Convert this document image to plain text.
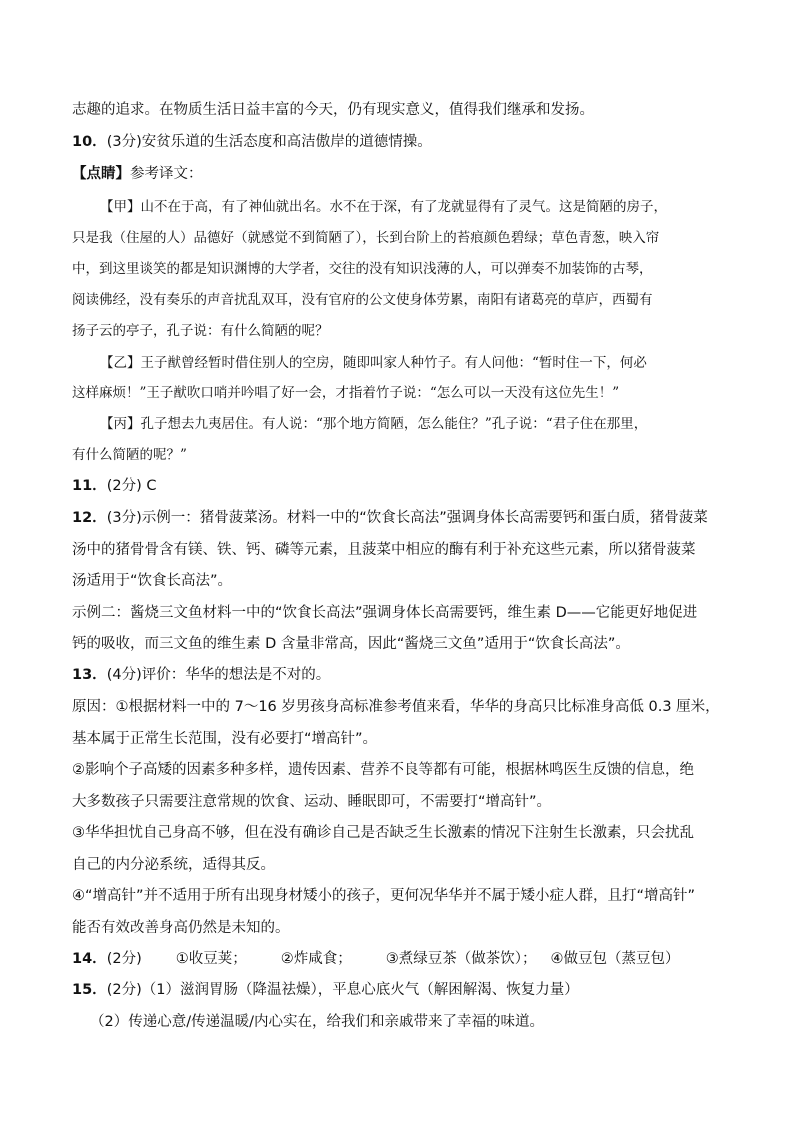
志趣的追求。在物质生活日益丰富的今天，仍有现实意义，值得我们继承和发扬。
10．(3分)安贫乐道的生活态度和高洁傲岸的道德情操。
【点睛】参考译文：
【甲】山不在于高，有了神仙就出名。水不在于深，有了龙就显得有了灵气。这是简陋的房子，
只是我（住屋的人）品德好（就感觉不到简陋了），长到台阶上的苔痕颜色碧绿；草色青葱，映入帘
中，到这里谈笑的都是知识渊博的大学者，交往的没有知识浅薄的人，可以弹奏不加装饰的古琴，
阅读佛经，没有奏乐的声音扰乱双耳，没有官府的公文使身体劳累，南阳有诸葛亮的草庐，西蜀有
扬子云的亭子，孔子说：有什么简陋的呢？
【乙】王子猷曾经暂时借住别人的空房，随即叫家人种竹子。有人问他：“暂时住一下，何必
这样麻烦！”王子猷吹口哨并吟唱了好一会，才指着竹子说：“怎么可以一天没有这位先生！”
【丙】孔子想去九夷居住。有人说：“那个地方简陋，怎么能住？”孔子说：“君子住在那里，
有什么简陋的呢？”
11．(2分) C
12．(3分)示例一：猪骨菠菜汤。材料一中的“饮食长高法”强调身体长高需要钙和蛋白质，猪骨菠菜
汤中的猪骨骨含有镁、铁、钙、磷等元素，且菠菜中相应的酶有利于补充这些元素，所以猪骨菠菜
汤适用于“饮食长高法”。
示例二：酱烧三文鱼材料一中的“饮食长高法”强调身体长高需要钙，维生素 D——它能更好地促进
钙的吸收，而三文鱼的维生素 D 含量非常高，因此“酱烧三文鱼”适用于“饮食长高法”。
13．(4分)评价：华华的想法是不对的。
原因：①根据材料一中的 7～16 岁男孩身高标准参考值来看，华华的身高只比标准身高低 0.3 厘米，
基本属于正常生长范围，没有必要打“增高针”。
②影响个子高矮的因素多种多样，遗传因素、营养不良等都有可能，根据林鸣医生反馈的信息，绝
大多数孩子只需要注意常规的饮食、运动、睡眠即可，不需要打“增高针”。
③华华担忧自己身高不够，但在没有确诊自己是否缺乏生长激素的情况下注射生长激素，只会扰乱
自己的内分泌系统，适得其反。
④“增高针”并不适用于所有出现身材矮小的孩子，更何况华华并不属于矮小症人群，且打“增高针”
能否有效改善身高仍然是未知的。
14．(2分) ①收豆荚； ②炸咸食； ③煮绿豆茶（做茶饮）； ④做豆包（蒸豆包）
15．(2分)（1）滋润胃肠（降温祛燥），平息心底火气（解困解渴、恢复力量）
（2）传递心意/传递温暖/内心实在，给我们和亲戚带来了幸福的味道。
